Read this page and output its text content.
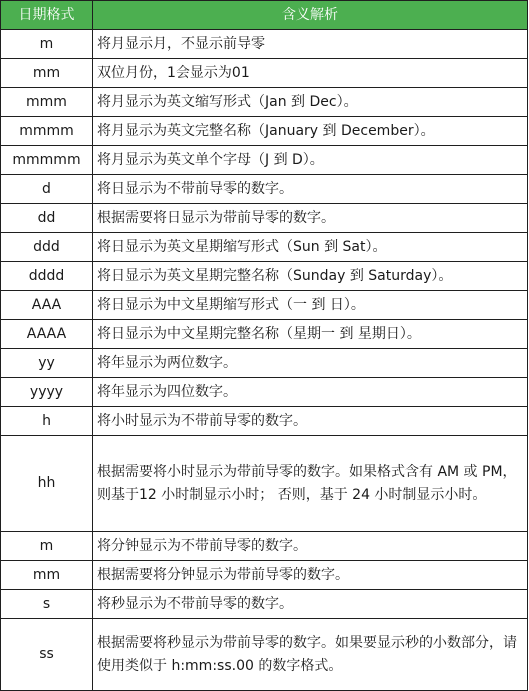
日期格式	含义解析
m	将月显示月，不显示前导零
mm	双位月份，1会显示为01
mmm	将月显示为英文缩写形式（Jan 到 Dec）。
mmmm	将月显示为英文完整名称（January 到 December）。
mmmmm	将月显示为英文单个字母（J 到 D）。
d	将日显示为不带前导零的数字。
dd	根据需要将日显示为带前导零的数字。
ddd	将日显示为英文星期缩写形式（Sun 到 Sat）。
dddd	将日显示为英文星期完整名称（Sunday 到 Saturday）。
AAA	将日显示为中文星期缩写形式（一 到 日）。
AAAA	将日显示为中文星期完整名称（星期一 到 星期日）。
yy	将年显示为两位数字。
yyyy	将年显示为四位数字。
h	将小时显示为不带前导零的数字。
hh	根据需要将小时显示为带前导零的数字。如果格式含有 AM 或 PM，则基于12 小时制显示小时； 否则，基于 24 小时制显示小时。
m	将分钟显示为不带前导零的数字。
mm	根据需要将分钟显示为带前导零的数字。
s	将秒显示为不带前导零的数字。
ss	根据需要将秒显示为带前导零的数字。如果要显示秒的小数部分，请使用类似于 h:mm:ss.00 的数字格式。
